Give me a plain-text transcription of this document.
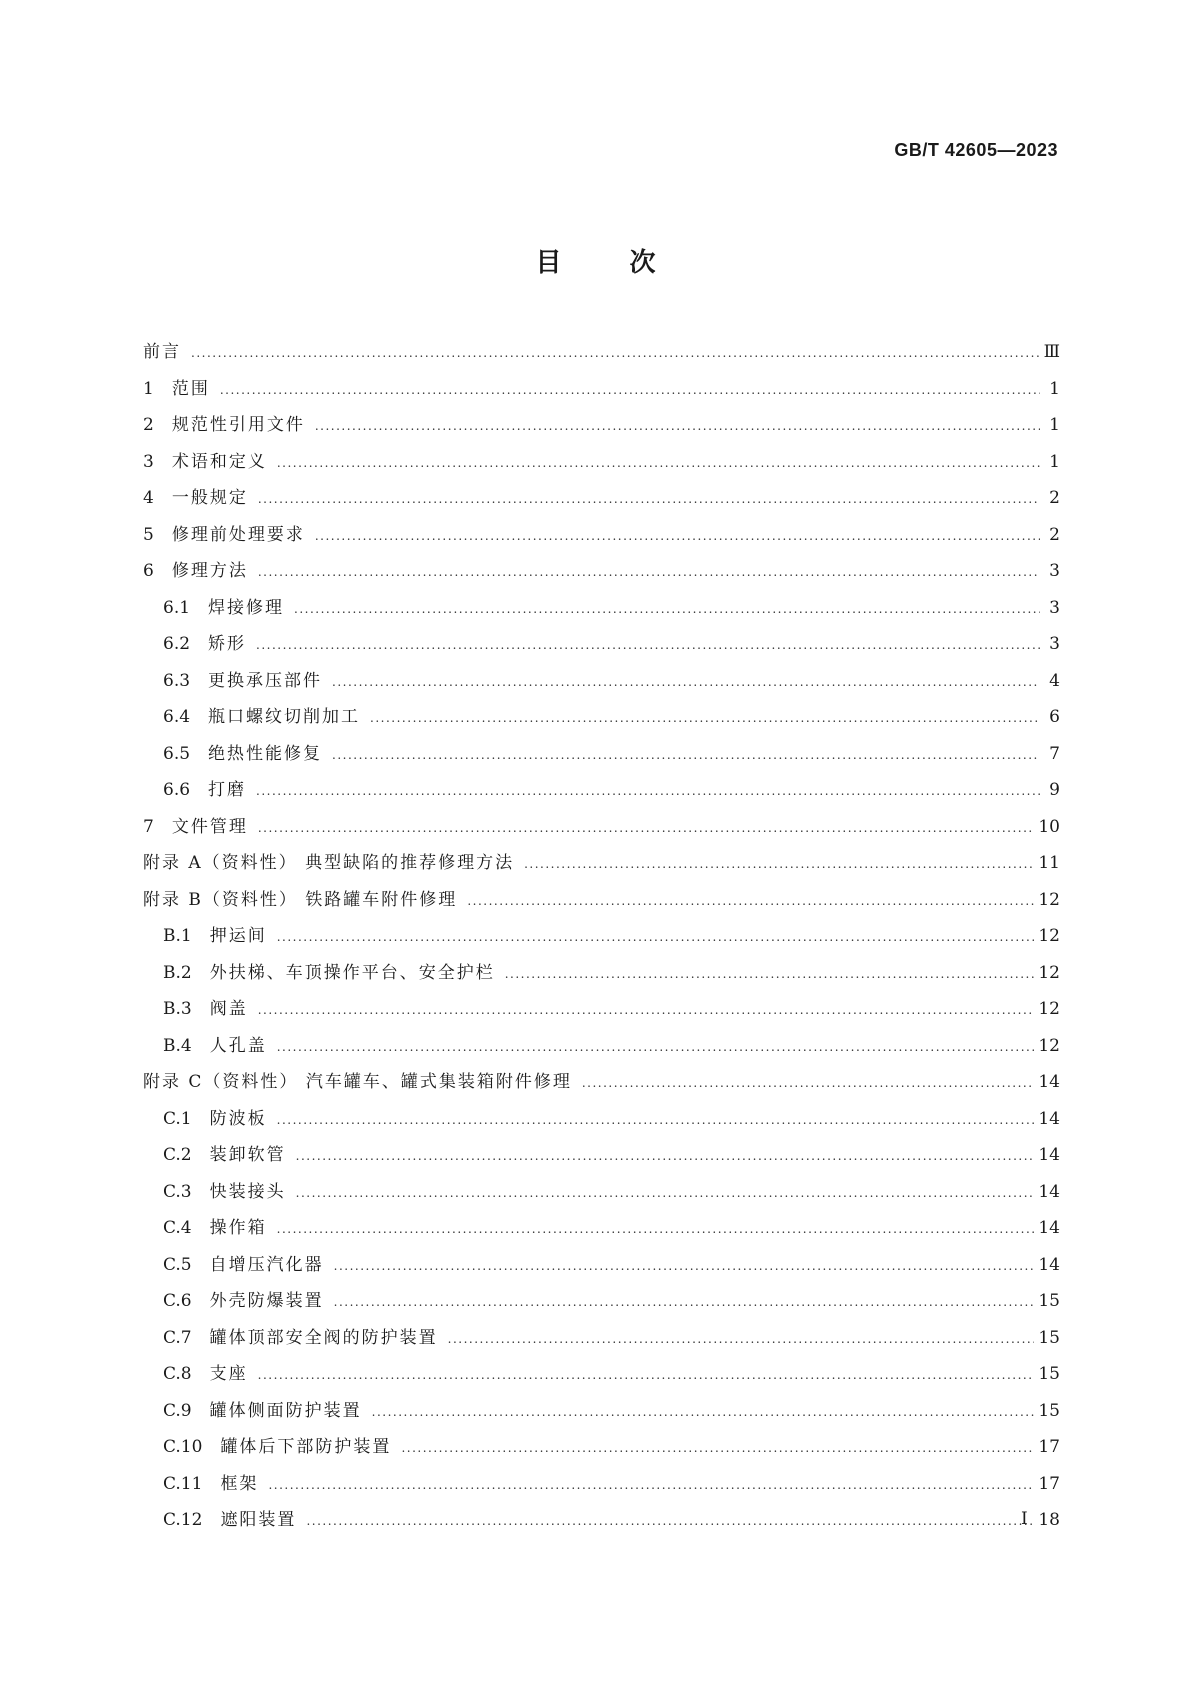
GB/T 42605—2023
目	次
前言 .....	Ⅲ
1 范围 .....	1
2 规范性引用文件 .....	1
3 术语和定义 .....	1
4 一般规定 .....	2
5 修理前处理要求 .....	2
6 修理方法 .....	3
6.1 焊接修理 .....	3
6.2 矫形 .....	3
6.3 更换承压部件 .....	4
6.4 瓶口螺纹切削加工 .....	6
6.5 绝热性能修复 .....	7
6.6 打磨 .....	9
7 文件管理 .....	10
附录 A（资料性） 典型缺陷的推荐修理方法 .....	11
附录 B（资料性） 铁路罐车附件修理 .....	12
B.1 押运间 .....	12
B.2 外扶梯、车顶操作平台、安全护栏 .....	12
B.3 阀盖 .....	12
B.4 人孔盖 .....	12
附录 C（资料性） 汽车罐车、罐式集装箱附件修理 .....	14
C.1 防波板 .....	14
C.2 装卸软管 .....	14
C.3 快装接头 .....	14
C.4 操作箱 .....	14
C.5 自增压汽化器 .....	14
C.6 外壳防爆装置 .....	15
C.7 罐体顶部安全阀的防护装置 .....	15
C.8 支座 .....	15
C.9 罐体侧面防护装置 .....	15
C.10 罐体后下部防护装置 .....	17
C.11 框架 .....	17
C.12 遮阳装置 .....	18
I
